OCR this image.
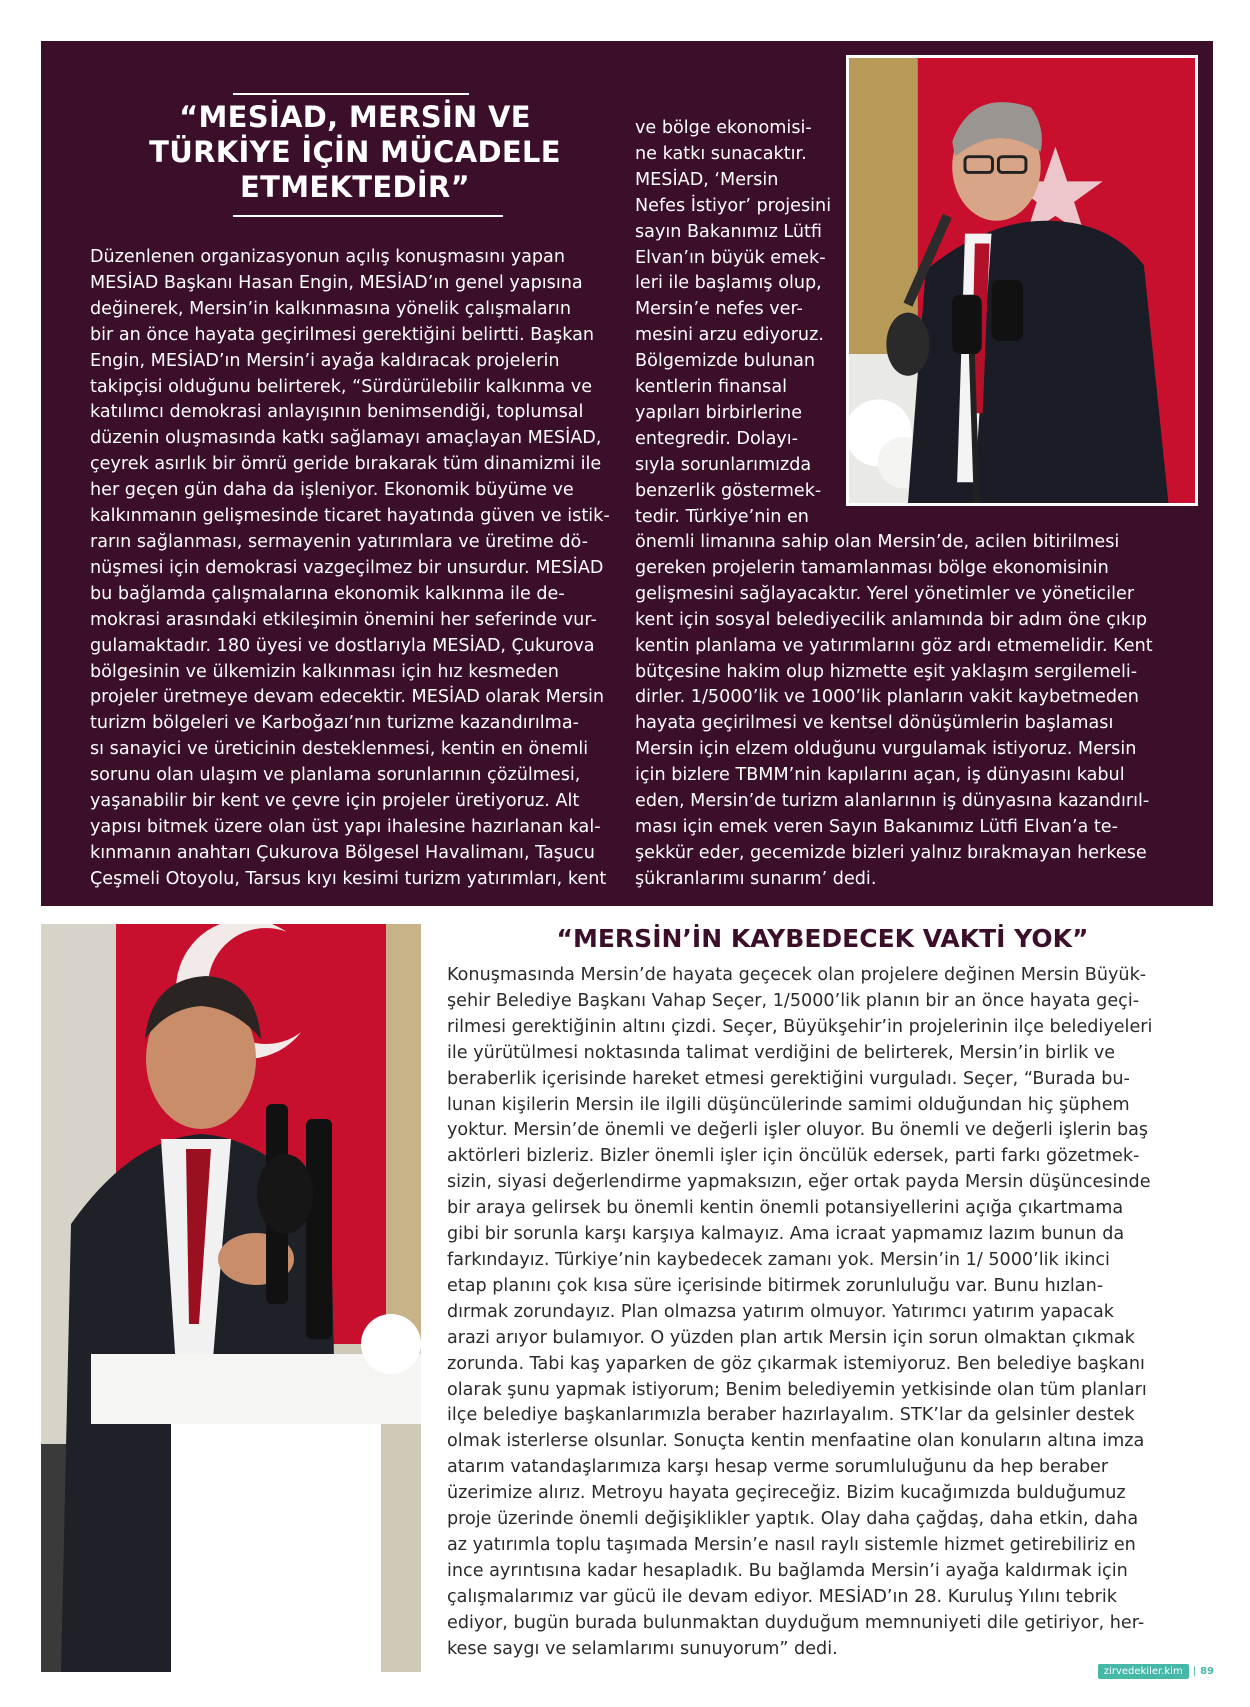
“MESİAD, MERSİN VE
TÜRKİYE İÇİN MÜCADELE
ETMEKTEDİR”

Düzenlenen organizasyonun açılış konuşmasını yapan
MESİAD Başkanı Hasan Engin, MESİAD’ın genel yapısına
değinerek, Mersin’in kalkınmasına yönelik çalışmaların
bir an önce hayata geçirilmesi gerektiğini belirtti. Başkan
Engin, MESİAD’ın Mersin’i ayağa kaldıracak projelerin
takipçisi olduğunu belirterek, “Sürdürülebilir kalkınma ve
katılımcı demokrasi anlayışının benimsendiği, toplumsal
düzenin oluşmasında katkı sağlamayı amaçlayan MESİAD,
çeyrek asırlık bir ömrü geride bırakarak tüm dinamizmi ile
her geçen gün daha da işleniyor. Ekonomik büyüme ve
kalkınmanın gelişmesinde ticaret hayatında güven ve istik-
rarın sağlanması, sermayenin yatırımlara ve üretime dö-
nüşmesi için demokrasi vazgeçilmez bir unsurdur. MESİAD
bu bağlamda çalışmalarına ekonomik kalkınma ile de-
mokrasi arasındaki etkileşimin önemini her seferinde vur-
gulamaktadır. 180 üyesi ve dostlarıyla MESİAD, Çukurova
bölgesinin ve ülkemizin kalkınması için hız kesmeden
projeler üretmeye devam edecektir. MESİAD olarak Mersin
turizm bölgeleri ve Karboğazı’nın turizme kazandırılma-
sı sanayici ve üreticinin desteklenmesi, kentin en önemli
sorunu olan ulaşım ve planlama sorunlarının çözülmesi,
yaşanabilir bir kent ve çevre için projeler üretiyoruz. Alt
yapısı bitmek üzere olan üst yapı ihalesine hazırlanan kal-
kınmanın anahtarı Çukurova Bölgesel Havalimanı, Taşucu
Çeşmeli Otoyolu, Tarsus kıyı kesimi turizm yatırımları, kent

ve bölge ekonomisi-
ne katkı sunacaktır.
MESİAD, ‘Mersin
Nefes İstiyor’ projesini
sayın Bakanımız Lütfi
Elvan’ın büyük emek-
leri ile başlamış olup,
Mersin’e nefes ver-
mesini arzu ediyoruz.
Bölgemizde bulunan
kentlerin finansal
yapıları birbirlerine
entegredir. Dolayı-
sıyla sorunlarımızda
benzerlik göstermek-
tedir. Türkiye’nin en

önemli limanına sahip olan Mersin’de, acilen bitirilmesi
gereken projelerin tamamlanması bölge ekonomisinin
gelişmesini sağlayacaktır. Yerel yönetimler ve yöneticiler
kent için sosyal belediyecilik anlamında bir adım öne çıkıp
kentin planlama ve yatırımlarını göz ardı etmemelidir. Kent
bütçesine hakim olup hizmette eşit yaklaşım sergilemeli-
dirler. 1/5000’lik ve 1000’lik planların vakit kaybetmeden
hayata geçirilmesi ve kentsel dönüşümlerin başlaması
Mersin için elzem olduğunu vurgulamak istiyoruz. Mersin
için bizlere TBMM’nin kapılarını açan, iş dünyasını kabul
eden, Mersin’de turizm alanlarının iş dünyasına kazandırıl-
ması için emek veren Sayın Bakanımız Lütfi Elvan’a te-
şekkür eder, gecemizde bizleri yalnız bırakmayan herkese
şükranlarımı sunarım’ dedi.

“MERSİN’İN KAYBEDECEK VAKTİ YOK”

Konuşmasında Mersin’de hayata geçecek olan projelere değinen Mersin Büyük-
şehir Belediye Başkanı Vahap Seçer, 1/5000’lik planın bir an önce hayata geçi-
rilmesi gerektiğinin altını çizdi. Seçer, Büyükşehir’in projelerinin ilçe belediyeleri
ile yürütülmesi noktasında talimat verdiğini de belirterek, Mersin’in birlik ve
beraberlik içerisinde hareket etmesi gerektiğini vurguladı. Seçer, “Burada bu-
lunan kişilerin Mersin ile ilgili düşüncülerinde samimi olduğundan hiç şüphem
yoktur. Mersin’de önemli ve değerli işler oluyor. Bu önemli ve değerli işlerin baş
aktörleri bizleriz. Bizler önemli işler için öncülük edersek, parti farkı gözetmek-
sizin, siyasi değerlendirme yapmaksızın, eğer ortak payda Mersin düşüncesinde
bir araya gelirsek bu önemli kentin önemli potansiyellerini açığa çıkartmama
gibi bir sorunla karşı karşıya kalmayız. Ama icraat yapmamız lazım bunun da
farkındayız. Türkiye’nin kaybedecek zamanı yok. Mersin’in 1/ 5000’lik ikinci
etap planını çok kısa süre içerisinde bitirmek zorunluluğu var. Bunu hızlan-
dırmak zorundayız. Plan olmazsa yatırım olmuyor. Yatırımcı yatırım yapacak
arazi arıyor bulamıyor. O yüzden plan artık Mersin için sorun olmaktan çıkmak
zorunda. Tabi kaş yaparken de göz çıkarmak istemiyoruz. Ben belediye başkanı
olarak şunu yapmak istiyorum; Benim belediyemin yetkisinde olan tüm planları
ilçe belediye başkanlarımızla beraber hazırlayalım. STK’lar da gelsinler destek
olmak isterlerse olsunlar. Sonuçta kentin menfaatine olan konuların altına imza
atarım vatandaşlarımıza karşı hesap verme sorumluluğunu da hep beraber
üzerimize alırız. Metroyu hayata geçireceğiz. Bizim kucağımızda bulduğumuz
proje üzerinde önemli değişiklikler yaptık. Olay daha çağdaş, daha etkin, daha
az yatırımla toplu taşımada Mersin’e nasıl raylı sistemle hizmet getirebiliriz en
ince ayrıntısına kadar hesapladık. Bu bağlamda Mersin’i ayağa kaldırmak için
çalışmalarımız var gücü ile devam ediyor. MESİAD’ın 28. Kuruluş Yılını tebrik
ediyor, bugün burada bulunmaktan duyduğum memnuniyeti dile getiriyor, her-
kese saygı ve selamlarımı sunuyorum” dedi.

zirvedekiler.kim	| 89
